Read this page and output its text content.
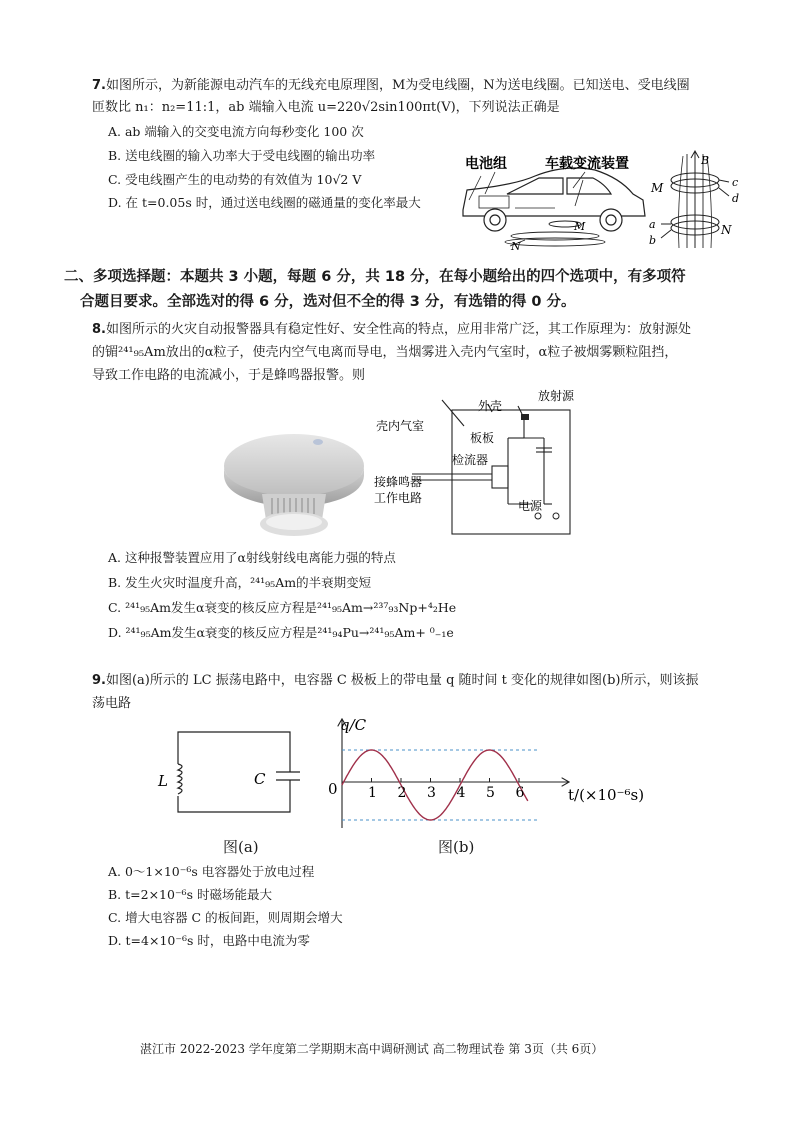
7.如图所示，为新能源电动汽车的无线充电原理图，M为受电线圈，N为送电线圈。已知送电、受电线圈
匝数比 n₁：n₂=11:1，ab 端输入电流 u=220√2sin100πt(V)，下列说法正确是
A. ab 端输入的交变电流方向每秒变化 100 次
B. 送电线圈的输入功率大于受电线圈的输出功率
C. 受电线圈产生的电动势的有效值为 10√2 V
D. 在 t=0.05s 时，通过送电线圈的磁通量的变化率最大
电池组	车载变流装置
M
N
B
M
N
c
d
a
b
二、多项选择题：本题共 3 小题，每题 6 分，共 18 分，在每小题给出的四个选项中，有多项符
合题目要求。全部选对的得 6 分，选对但不全的得 3 分，有选错的得 0 分。
8.如图所示的火灾自动报警器具有稳定性好、安全性高的特点，应用非常广泛，其工作原理为：放射源处
的镅²⁴¹₉₅Am放出的α粒子，使壳内空气电离而导电，当烟雾进入壳内气室时，α粒子被烟雾颗粒阻挡，
导致工作电路的电流减小，于是蜂鸣器报警。则
外壳
放射源
壳内气室
板板
检流器
接蜂鸣器
工作电路
电源
A. 这种报警装置应用了α射线射线电离能力强的特点
B. 发生火灾时温度升高，²⁴¹₉₅Am的半衰期变短
C. ²⁴¹₉₅Am发生α衰变的核反应方程是²⁴¹₉₅Am→²³⁷₉₃Np+⁴₂He
D. ²⁴¹₉₅Am发生α衰变的核反应方程是²⁴¹₉₄Pu→²⁴¹₉₅Am+ ⁰₋₁e
9.如图(a)所示的 LC 振荡电路中，电容器 C 极板上的带电量 q 随时间 t 变化的规律如图(b)所示，则该振
荡电路
L	C
图(a)
1 2 3 4 5 6
q/C
0	t/(×10⁻⁶s)
图(b)
A. 0～1×10⁻⁶s 电容器处于放电过程
B. t=2×10⁻⁶s 时磁场能最大
C. 增大电容器 C 的板间距，则周期会增大
D. t=4×10⁻⁶s 时，电路中电流为零
湛江市 2022-2023 学年度第二学期期末高中调研测试 高二物理试卷 第 3页（共 6页）
